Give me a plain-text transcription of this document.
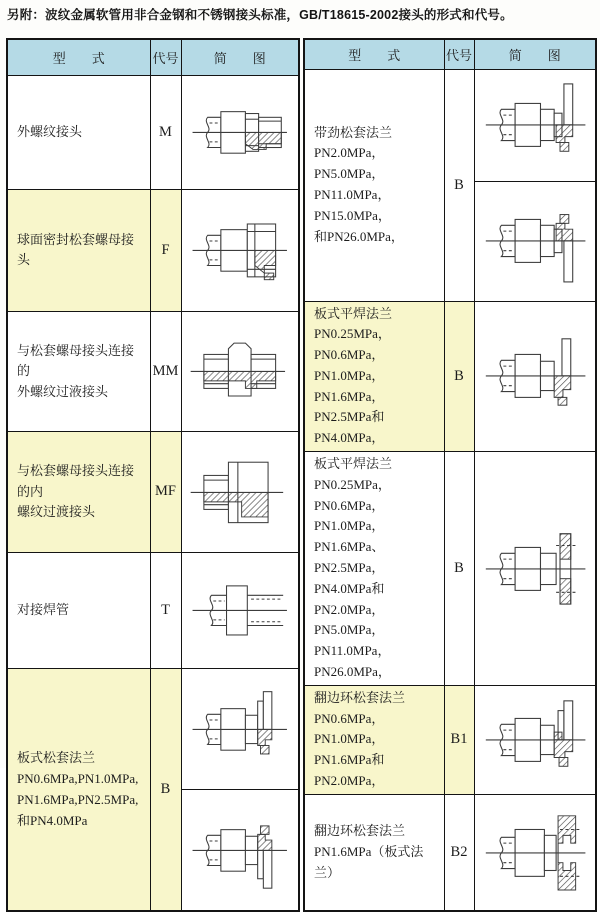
另附：波纹金属软管用非合金钢和不锈钢接头标准，GB/T18615-2002接头的形式和代号。
型　　式	代号	简　　图
外螺纹接头	M	

球面密封松套螺母接头	F	

与松套螺母接头连接的
外螺纹过液接头	MM	

与松套螺母接头连接的内
螺纹过渡接头	MF	

对接焊管	T	

板式松套法兰
PN0.6MPa,PN1.0MPa,
PN1.6MPa,PN2.5MPa,
和PN4.0MPa	B	

型　　式	代号	简　　图
带劲松套法兰
PN2.0MPa，PN5.0MPa，
PN11.0MPa，PN15.0MPa，
和PN26.0MPa，	B	

板式平焊法兰
PN0.25MPa，PN0.6MPa，
PN1.0MPa，PN1.6MPa，
PN2.5MPa和PN4.0MPa，	B	

板式平焊法兰
PN0.25MPa，PN0.6MPa，
PN1.0MPa，PN1.6MPa、
PN2.5MPa，PN4.0MPa和
PN2.0MPa，PN5.0MPa，
PN11.0MPa，PN26.0MPa，	B	

翻边环松套法兰
PN0.6MPa，PN1.0MPa，
PN1.6MPa和PN2.0MPa，	B1	

翻边环松套法兰
PN1.6MPa（板式法兰）	B2	
